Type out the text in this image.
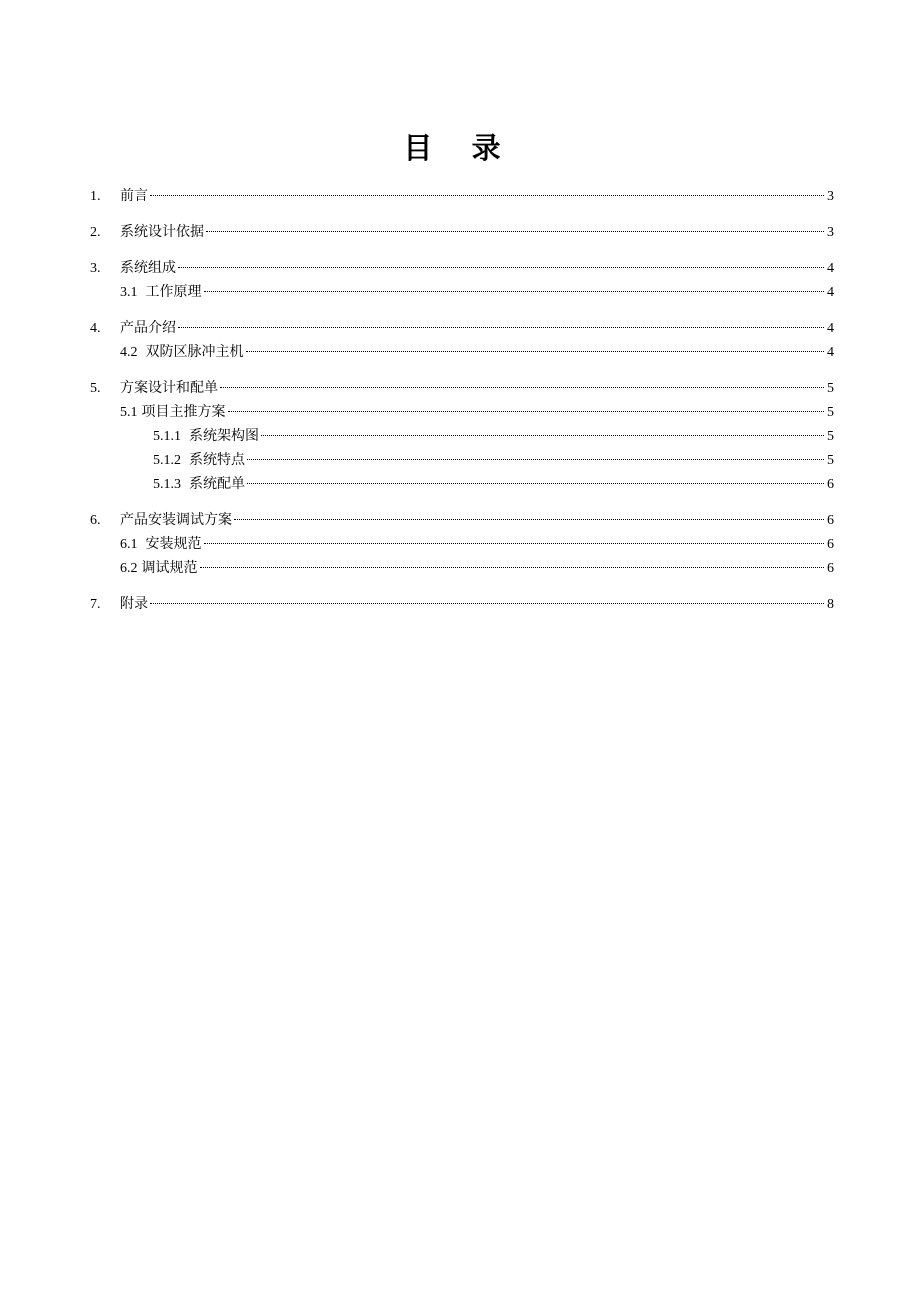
目 录
1.	前言	3
2.	系统设计依据	3
3.	系统组成	4
3.1 工作原理	4
4.	产品介绍	4
4.2 双防区脉冲主机	4
5.	方案设计和配单	5
5.1 项目主推方案	5
5.1.1 系统架构图	5
5.1.2 系统特点	5
5.1.3 系统配单	6
6.	产品安装调试方案	6
6.1 安装规范	6
6.2 调试规范	6
7.	附录	8
